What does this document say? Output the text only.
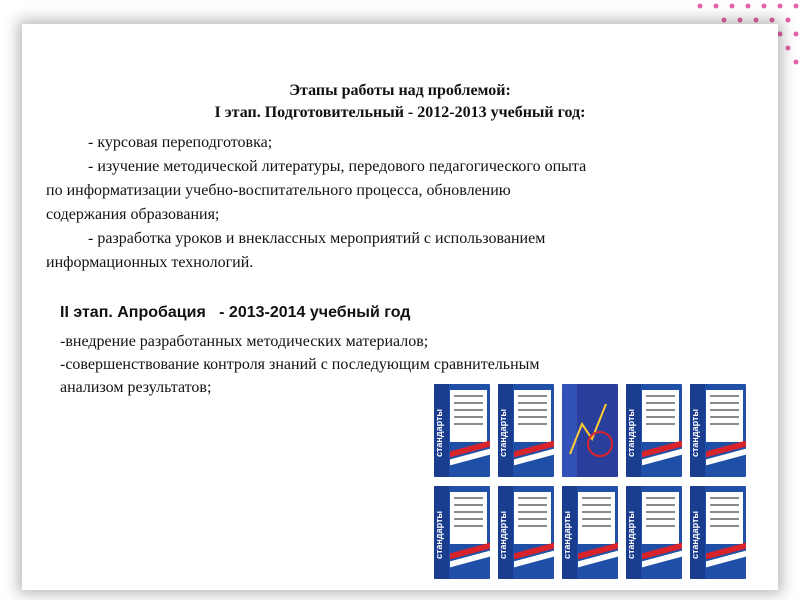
Этапы работы над проблемой:
I этап. Подготовительный - 2012-2013 учебный год:
- курсовая переподготовка;
- изучение методической литературы, передового педагогического опыта
по информатизации учебно-воспитательного процесса, обновлению
содержания образования;
- разработка уроков и внеклассных мероприятий с использованием
информационных технологий.
II этап. Апробация   - 2013-2014 учебный год
-внедрение разработанных методических материалов;
-совершенствование контроля знаний с последующим сравнительным
анализом результатов;
стандарты	стандарты	стандарты	стандарты
стандарты	стандарты	стандарты	стандарты	стандарты
